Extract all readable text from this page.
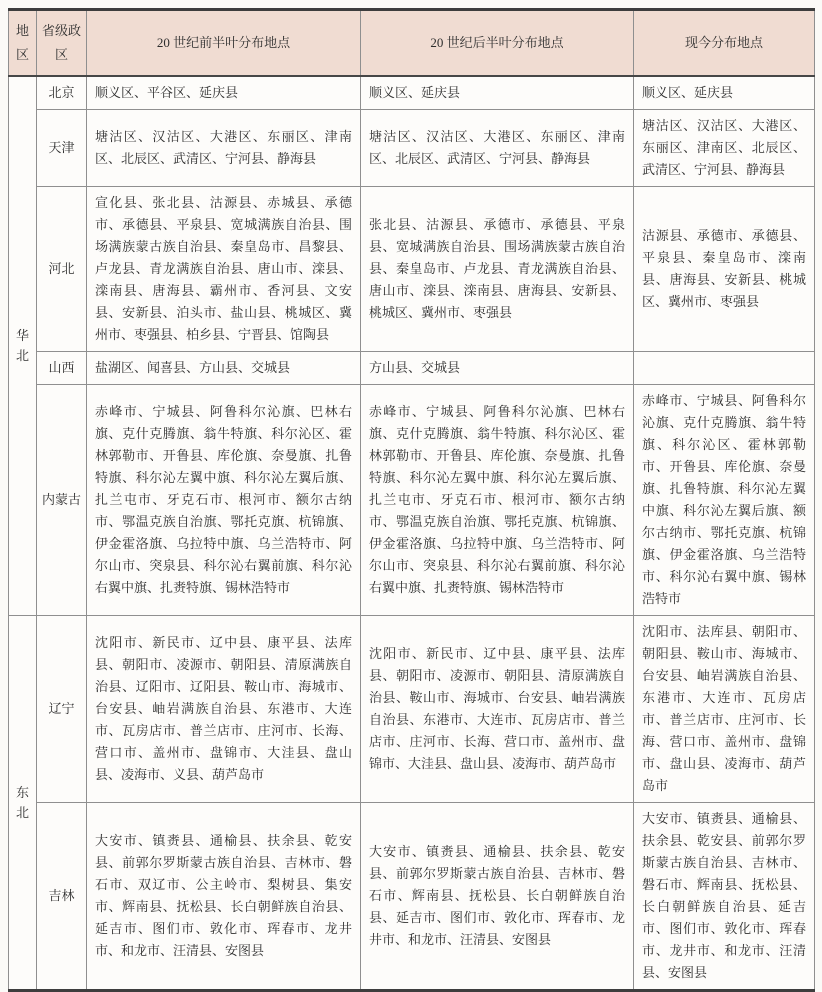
地区	省级政区	20 世纪前半叶分布地点	20 世纪后半叶分布地点	现今分布地点
华北	北京	顺义区、平谷区、延庆县	顺义区、延庆县	顺义区、延庆县
	天津	塘沽区、汉沽区、大港区、东丽区、津南区、北辰区、武清区、宁河县、静海县	塘沽区、汉沽区、大港区、东丽区、津南区、北辰区、武清区、宁河县、静海县	塘沽区、汉沽区、大港区、东丽区、津南区、北辰区、武清区、宁河县、静海县
	河北	宣化县、张北县、沽源县、赤城县、承德市、承德县、平泉县、宽城满族自治县、围场满族蒙古族自治县、秦皇岛市、昌黎县、卢龙县、青龙满族自治县、唐山市、滦县、滦南县、唐海县、霸州市、香河县、文安县、安新县、泊头市、盐山县、桃城区、冀州市、枣强县、柏乡县、宁晋县、馆陶县	张北县、沽源县、承德市、承德县、平泉县、宽城满族自治县、围场满族蒙古族自治县、秦皇岛市、卢龙县、青龙满族自治县、唐山市、滦县、滦南县、唐海县、安新县、桃城区、冀州市、枣强县	沽源县、承德市、承德县、平泉县、秦皇岛市、滦南县、唐海县、安新县、桃城区、冀州市、枣强县
	山西	盐湖区、闻喜县、方山县、交城县	方山县、交城县	
	内蒙古	赤峰市、宁城县、阿鲁科尔沁旗、巴林右旗、克什克腾旗、翁牛特旗、科尔沁区、霍林郭勒市、开鲁县、库伦旗、奈曼旗、扎鲁特旗、科尔沁左翼中旗、科尔沁左翼后旗、扎兰屯市、牙克石市、根河市、额尔古纳市、鄂温克族自治旗、鄂托克旗、杭锦旗、伊金霍洛旗、乌拉特中旗、乌兰浩特市、阿尔山市、突泉县、科尔沁右翼前旗、科尔沁右翼中旗、扎赉特旗、锡林浩特市	赤峰市、宁城县、阿鲁科尔沁旗、巴林右旗、克什克腾旗、翁牛特旗、科尔沁区、霍林郭勒市、开鲁县、库伦旗、奈曼旗、扎鲁特旗、科尔沁左翼中旗、科尔沁左翼后旗、扎兰屯市、牙克石市、根河市、额尔古纳市、鄂温克族自治旗、鄂托克旗、杭锦旗、伊金霍洛旗、乌拉特中旗、乌兰浩特市、阿尔山市、突泉县、科尔沁右翼前旗、科尔沁右翼中旗、扎赉特旗、锡林浩特市	赤峰市、宁城县、阿鲁科尔沁旗、克什克腾旗、翁牛特旗、科尔沁区、霍林郭勒市、开鲁县、库伦旗、奈曼旗、扎鲁特旗、科尔沁左翼中旗、科尔沁左翼后旗、额尔古纳市、鄂托克旗、杭锦旗、伊金霍洛旗、乌兰浩特市、科尔沁右翼中旗、锡林浩特市
东北	辽宁	沈阳市、新民市、辽中县、康平县、法库县、朝阳市、凌源市、朝阳县、清原满族自治县、辽阳市、辽阳县、鞍山市、海城市、台安县、岫岩满族自治县、东港市、大连市、瓦房店市、普兰店市、庄河市、长海、营口市、盖州市、盘锦市、大洼县、盘山县、凌海市、义县、葫芦岛市	沈阳市、新民市、辽中县、康平县、法库县、朝阳市、凌源市、朝阳县、清原满族自治县、鞍山市、海城市、台安县、岫岩满族自治县、东港市、大连市、瓦房店市、普兰店市、庄河市、长海、营口市、盖州市、盘锦市、大洼县、盘山县、凌海市、葫芦岛市	沈阳市、法库县、朝阳市、朝阳县、鞍山市、海城市、台安县、岫岩满族自治县、东港市、大连市、瓦房店市、普兰店市、庄河市、长海、营口市、盖州市、盘锦市、盘山县、凌海市、葫芦岛市
	吉林	大安市、镇赉县、通榆县、扶余县、乾安县、前郭尔罗斯蒙古族自治县、吉林市、磐石市、双辽市、公主岭市、梨树县、集安市、辉南县、抚松县、长白朝鲜族自治县、延吉市、图们市、敦化市、珲春市、龙井市、和龙市、汪清县、安图县	大安市、镇赉县、通榆县、扶余县、乾安县、前郭尔罗斯蒙古族自治县、吉林市、磐石市、辉南县、抚松县、长白朝鲜族自治县、延吉市、图们市、敦化市、珲春市、龙井市、和龙市、汪清县、安图县	大安市、镇赉县、通榆县、扶余县、乾安县、前郭尔罗斯蒙古族自治县、吉林市、磐石市、辉南县、抚松县、长白朝鲜族自治县、延吉市、图们市、敦化市、珲春市、龙井市、和龙市、汪清县、安图县
